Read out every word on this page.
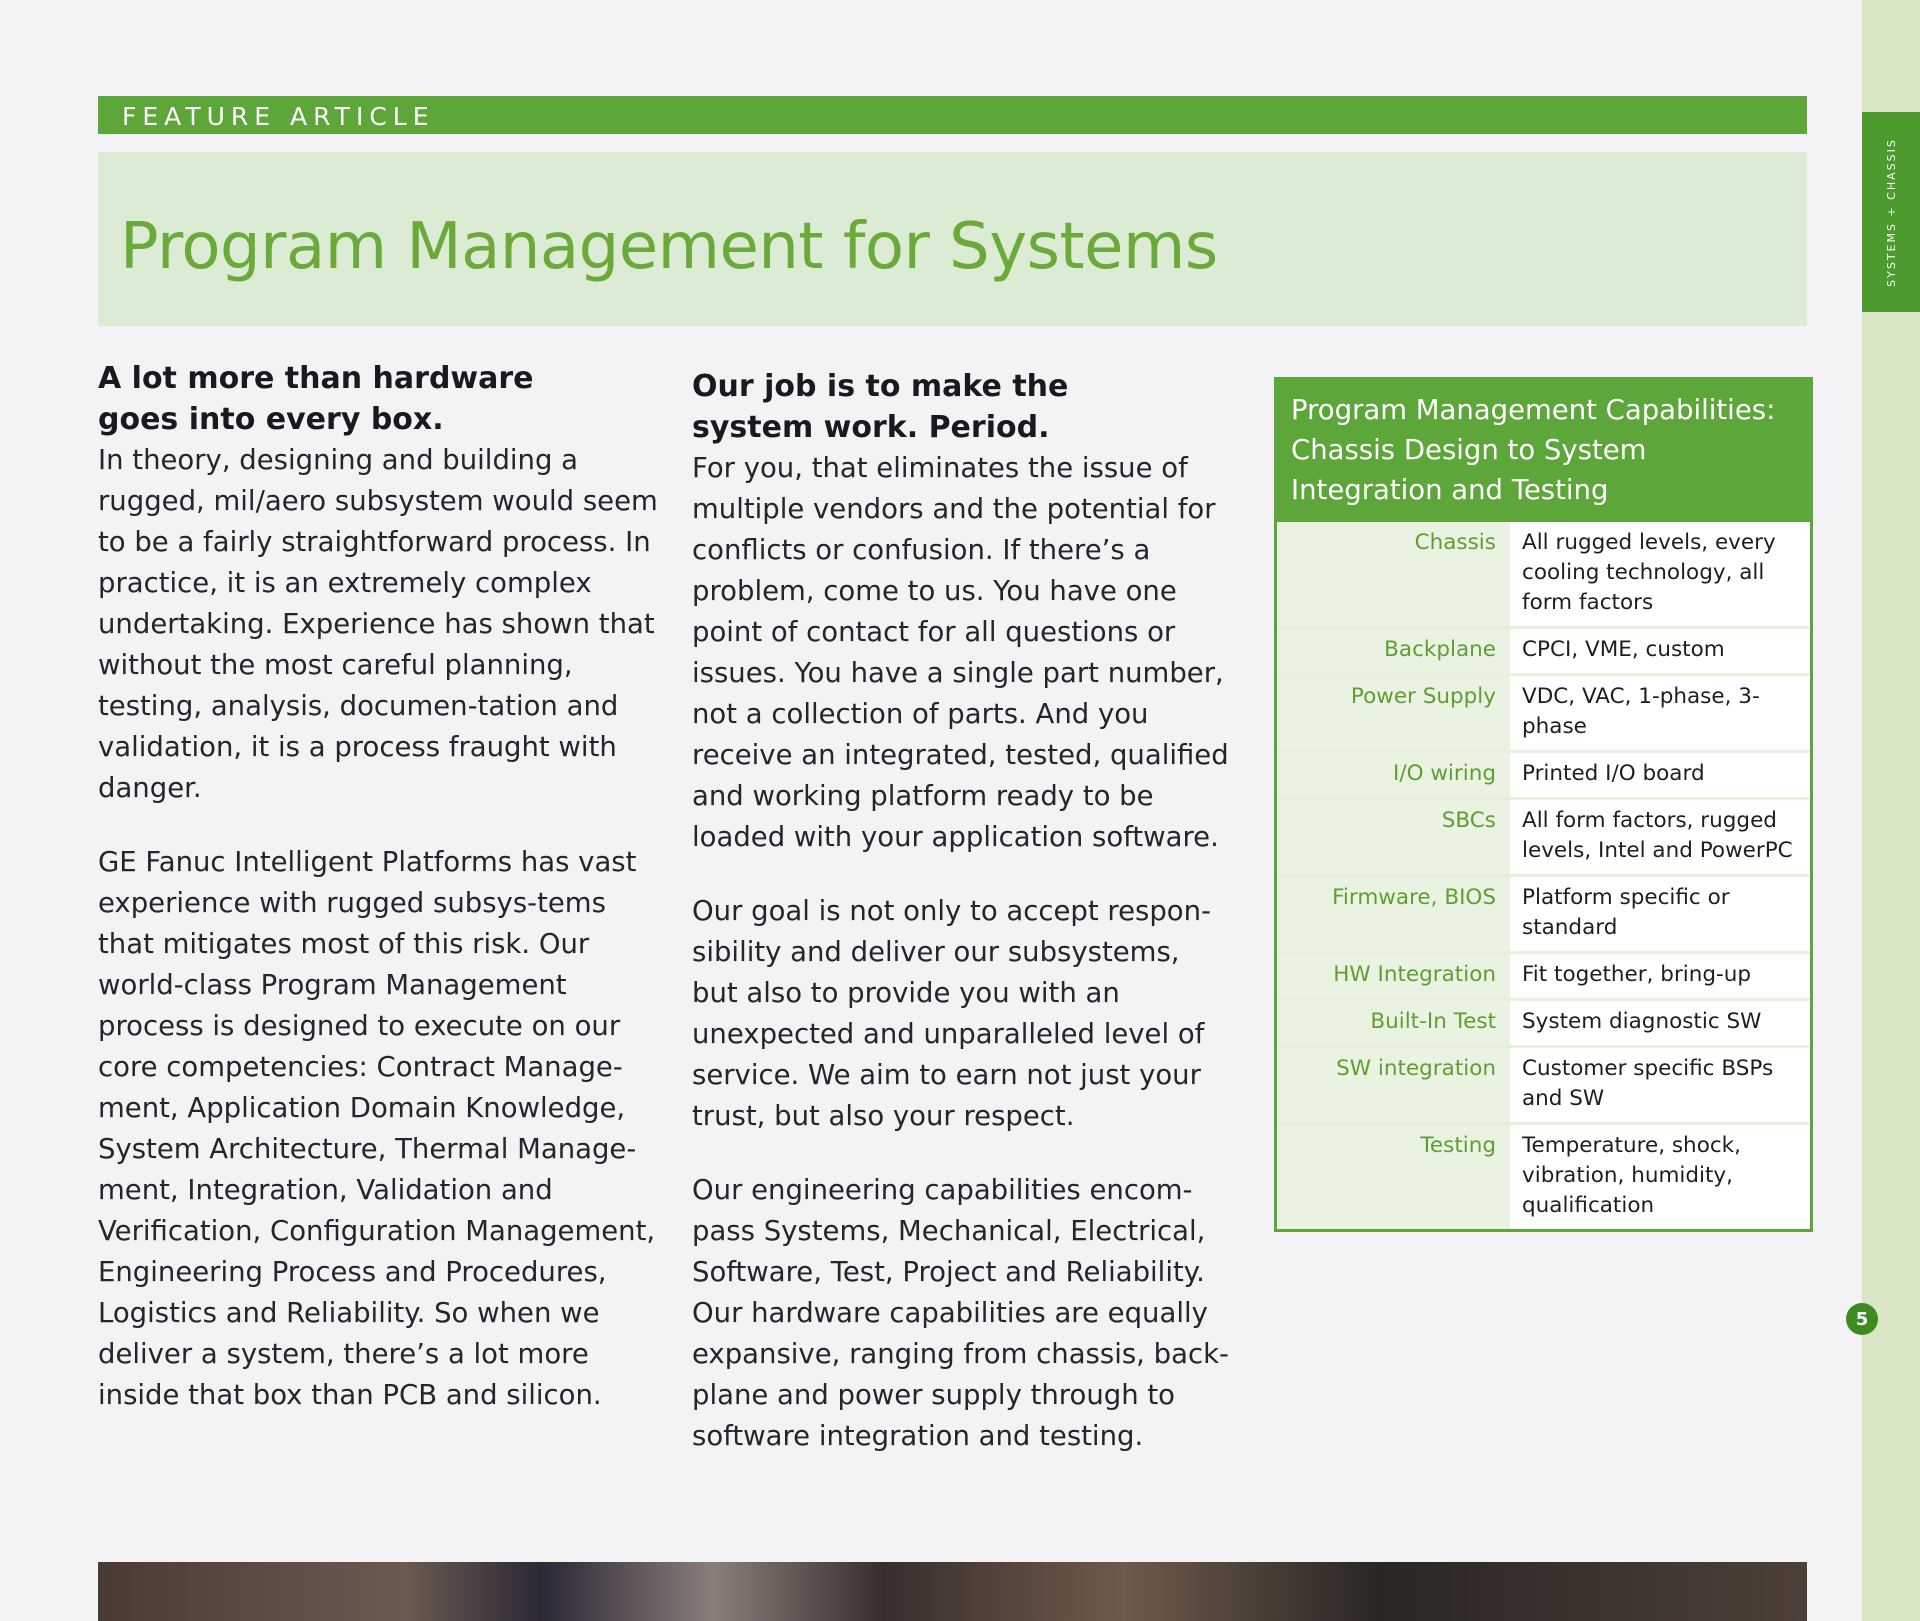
SYSTEMS + CHASSIS
FEATURE ARTICLE
Program Management for Systems
A lot more than hardware
goes into every box.

In theory, designing and building a rugged, mil/aero subsystem would seem to be a fairly straightforward process. In practice, it is an extremely complex undertaking. Experience has shown that without the most careful planning, testing, analysis, documen-tation and validation, it is a process fraught with danger.

GE Fanuc Intelligent Platforms has vast experience with rugged subsys-tems that mitigates most of this risk. Our world-class Program Management process is designed to execute on our core competencies: Contract Manage-ment, Application Domain Knowledge, System Architecture, Thermal Manage-ment, Integration, Validation and Verification, Configuration Management, Engineering Process and Procedures, Logistics and Reliability. So when we deliver a system, there’s a lot more inside that box than PCB and silicon.

Our job is to make the
system work. Period.

For you, that eliminates the issue of multiple vendors and the potential for conflicts or confusion. If there’s a problem, come to us. You have one point of contact for all questions or issues. You have a single part number, not a collection of parts. And you receive an integrated, tested, qualified and working platform ready to be loaded with your application software.

Our goal is not only to accept respon-sibility and deliver our subsystems, but also to provide you with an unexpected and unparalleled level of service. We aim to earn not just your trust, but also your respect.

Our engineering capabilities encom-pass Systems, Mechanical, Electrical, Software, Test, Project and Reliability. Our hardware capabilities are equally expansive, ranging from chassis, back-plane and power supply through to software integration and testing.

Program Management Capabilities:
Chassis Design to System
Integration and Testing
Chassis	All rugged levels, every cooling technology, all form factors
Backplane	CPCI, VME, custom
Power Supply	VDC, VAC, 1-phase, 3-phase
I/O wiring	Printed I/O board
SBCs	All form factors, rugged levels, Intel and PowerPC
Firmware, BIOS	Platform specific or standard
HW Integration	Fit together, bring-up
Built-In Test	System diagnostic SW
SW integration	Customer specific BSPs and SW
Testing	Temperature, shock, vibration, humidity, qualification
5
